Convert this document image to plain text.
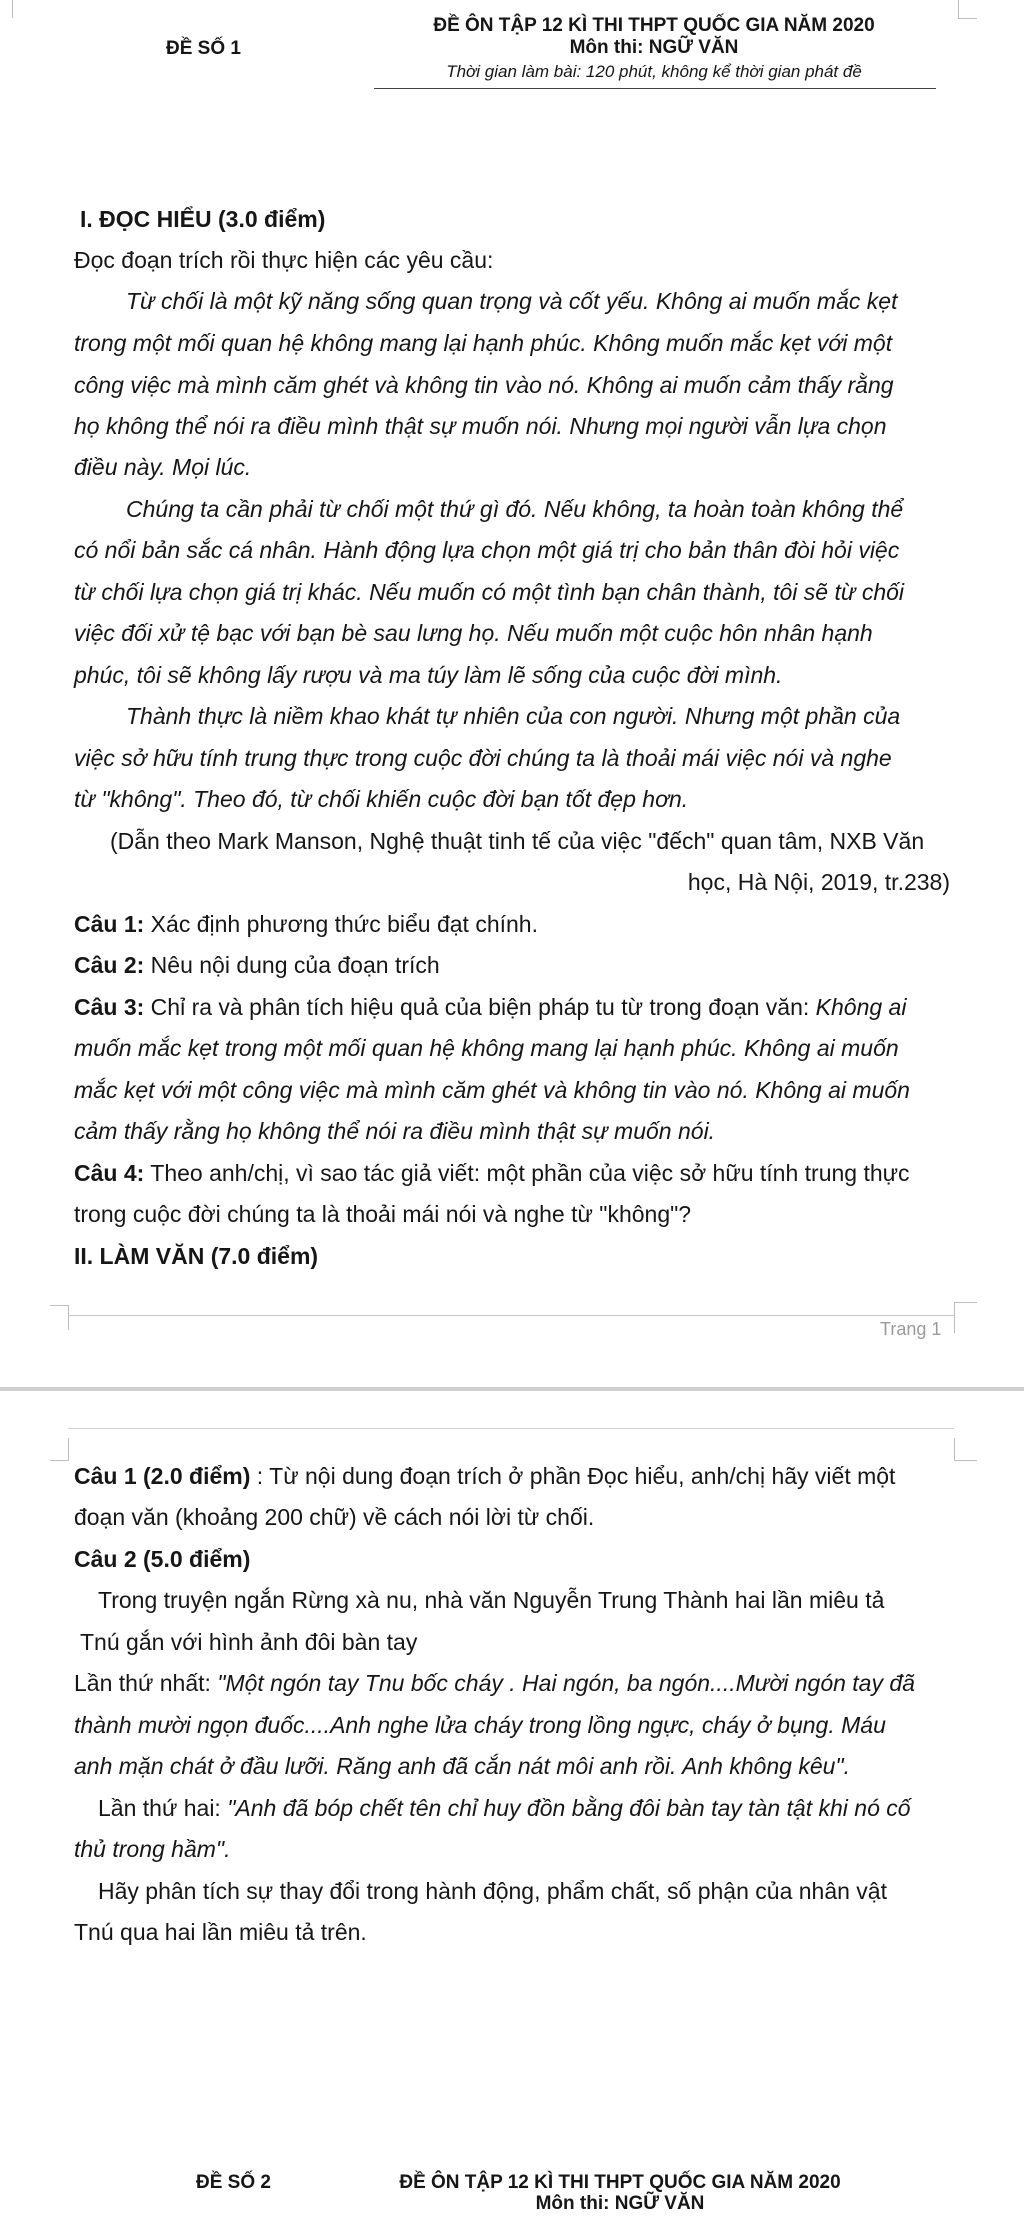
ĐỀ SỐ 1
ĐỀ ÔN TẬP 12 KÌ THI THPT QUỐC GIA NĂM 2020
Môn thi: NGỮ VĂN
Thời gian làm bài: 120 phút, không kể thời gian phát đề
I. ĐỌC HIỂU (3.0 điểm)
Đọc đoạn trích rồi thực hiện các yêu cầu:
Từ chối là một kỹ năng sống quan trọng và cốt yếu. Không ai muốn mắc kẹt
trong một mối quan hệ không mang lại hạnh phúc. Không muốn mắc kẹt với một
công việc mà mình căm ghét và không tin vào nó. Không ai muốn cảm thấy rằng
họ không thể nói ra điều mình thật sự muốn nói. Nhưng mọi người vẫn lựa chọn
điều này. Mọi lúc.
Chúng ta cần phải từ chối một thứ gì đó. Nếu không, ta hoàn toàn không thể
có nổi bản sắc cá nhân. Hành động lựa chọn một giá trị cho bản thân đòi hỏi việc
từ chối lựa chọn giá trị khác. Nếu muốn có một tình bạn chân thành, tôi sẽ từ chối
việc đối xử tệ bạc với bạn bè sau lưng họ. Nếu muốn một cuộc hôn nhân hạnh
phúc, tôi sẽ không lấy rượu và ma túy làm lẽ sống của cuộc đời mình.
Thành thực là niềm khao khát tự nhiên của con người. Nhưng một phần của
việc sở hữu tính trung thực trong cuộc đời chúng ta là thoải mái việc nói và nghe
từ "không". Theo đó, từ chối khiến cuộc đời bạn tốt đẹp hơn.
(Dẫn theo Mark Manson, Nghệ thuật tinh tế của việc "đếch" quan tâm, NXB Văn
học, Hà Nội, 2019, tr.238)
Câu 1: Xác định phương thức biểu đạt chính.
Câu 2: Nêu nội dung của đoạn trích
Câu 3: Chỉ ra và phân tích hiệu quả của biện pháp tu từ trong đoạn văn: Không ai
muốn mắc kẹt trong một mối quan hệ không mang lại hạnh phúc. Không ai muốn
mắc kẹt với một công việc mà mình căm ghét và không tin vào nó. Không ai muốn
cảm thấy rằng họ không thể nói ra điều mình thật sự muốn nói.
Câu 4: Theo anh/chị, vì sao tác giả viết: một phần của việc sở hữu tính trung thực
trong cuộc đời chúng ta là thoải mái nói và nghe từ "không"?
II. LÀM VĂN (7.0 điểm)
Trang 1
Câu 1 (2.0 điểm) : Từ nội dung đoạn trích ở phần Đọc hiểu, anh/chị hãy viết một
đoạn văn (khoảng 200 chữ) về cách nói lời từ chối.
Câu 2 (5.0 điểm)
Trong truyện ngắn Rừng xà nu, nhà văn Nguyễn Trung Thành hai lần miêu tả
Tnú gắn với hình ảnh đôi bàn tay
Lần thứ nhất: "Một ngón tay Tnu bốc cháy . Hai ngón, ba ngón....Mười ngón tay đã
thành mười ngọn đuốc....Anh nghe lửa cháy trong lồng ngực, cháy ở bụng. Máu
anh mặn chát ở đầu lưỡi. Răng anh đã cắn nát môi anh rồi. Anh không kêu".
Lần thứ hai: "Anh đã bóp chết tên chỉ huy đồn bằng đôi bàn tay tàn tật khi nó cố
thủ trong hầm".
Hãy phân tích sự thay đổi trong hành động, phẩm chất, số phận của nhân vật
Tnú qua hai lần miêu tả trên.
ĐỀ SỐ 2	ĐỀ ÔN TẬP 12 KÌ THI THPT QUỐC GIA NĂM 2020
Môn thi: NGỮ VĂN
